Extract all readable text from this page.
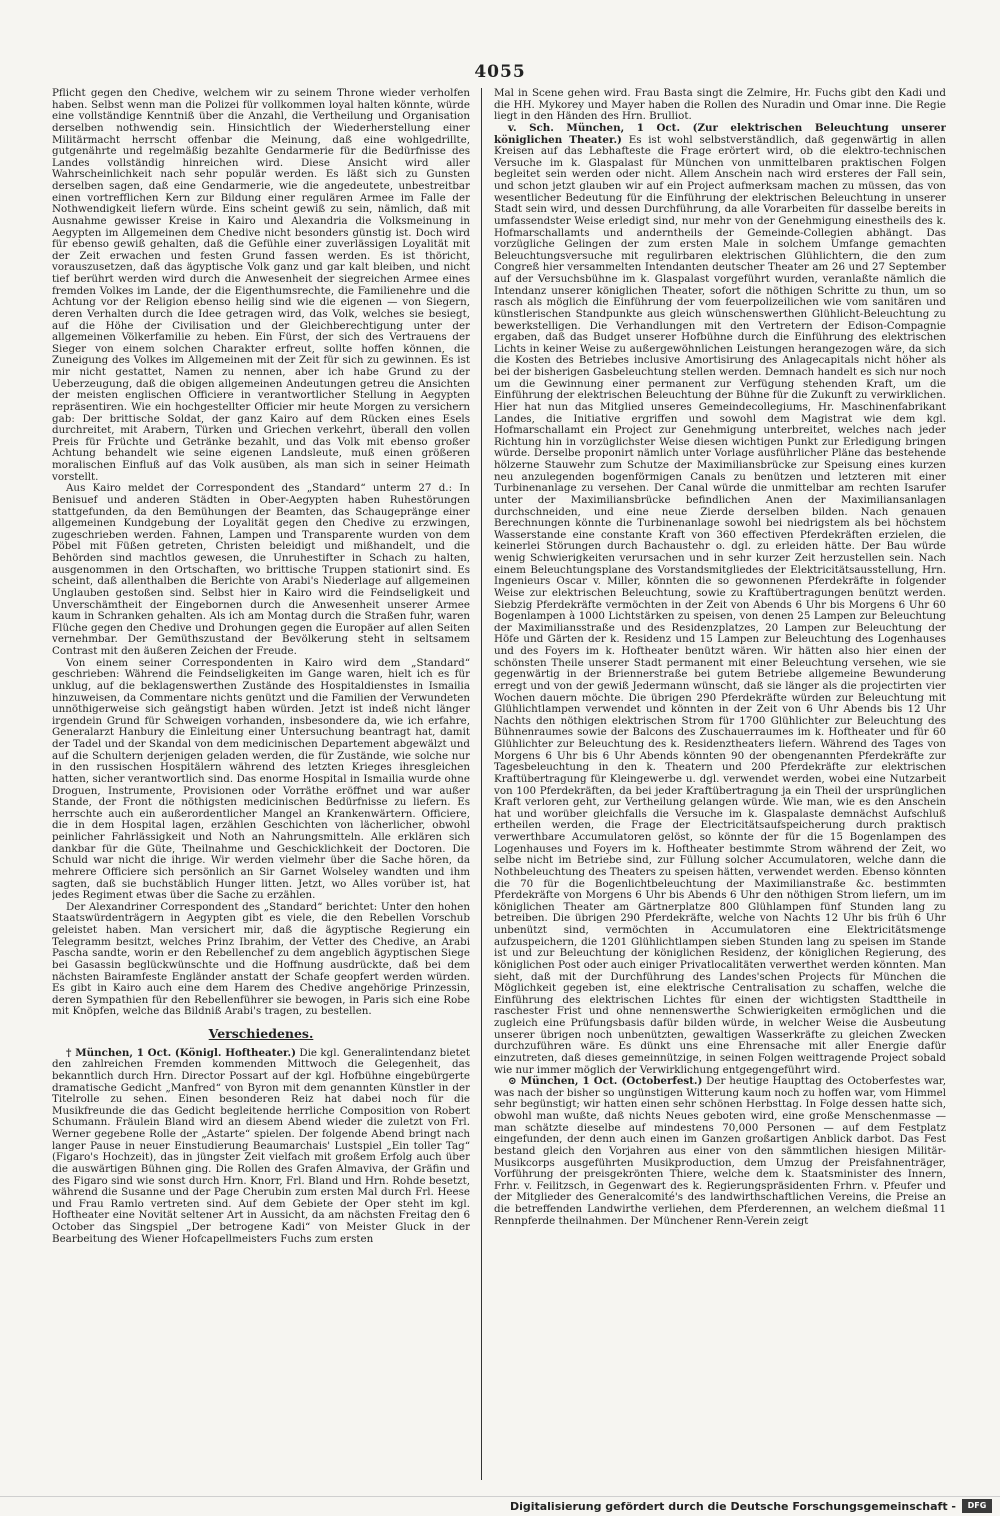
4055

Pflicht gegen den Chedive, welchem wir zu seinem Throne wieder verholfen haben. Selbst wenn man die Polizei für vollkommen loyal halten könnte, würde eine vollständige Kenntniß über die Anzahl, die Vertheilung und Organisation derselben nothwendig sein. Hinsichtlich der Wiederherstellung einer Militärmacht herrscht offenbar die Meinung, daß eine wohlgedrillte, gutgenährte und regelmäßig bezahlte Gendarmerie für die Bedürfnisse des Landes vollständig hinreichen wird. Diese Ansicht wird aller Wahrscheinlichkeit nach sehr populär werden. Es läßt sich zu Gunsten derselben sagen, daß eine Gendarmerie, wie die angedeutete, unbestreitbar einen vortrefflichen Kern zur Bildung einer regulären Armee im Falle der Nothwendigkeit liefern würde. Eins scheint gewiß zu sein, nämlich, daß mit Ausnahme gewisser Kreise in Kairo und Alexandria die Volksmeinung in Aegypten im Allgemeinen dem Chedive nicht besonders günstig ist. Doch wird für ebenso gewiß gehalten, daß die Gefühle einer zuverlässigen Loyalität mit der Zeit erwachen und festen Grund fassen werden. Es ist thöricht, vorauszusetzen, daß das ägyptische Volk ganz und gar kalt bleiben, und nicht tief berührt werden wird durch die Anwesenheit der siegreichen Armee eines fremden Volkes im Lande, der die Eigenthumsrechte, die Familienehre und die Achtung vor der Religion ebenso heilig sind wie die eigenen — von Siegern, deren Verhalten durch die Idee getragen wird, das Volk, welches sie besiegt, auf die Höhe der Civilisation und der Gleichberechtigung unter der allgemeinen Völkerfamilie zu heben. Ein Fürst, der sich des Vertrauens der Sieger von einem solchen Charakter erfreut, sollte hoffen können, die Zuneigung des Volkes im Allgemeinen mit der Zeit für sich zu gewinnen. Es ist mir nicht gestattet, Namen zu nennen, aber ich habe Grund zu der Ueberzeugung, daß die obigen allgemeinen Andeutungen getreu die Ansichten der meisten englischen Officiere in verantwortlicher Stellung in Aegypten repräsentiren. Wie ein hochgestellter Officier mir heute Morgen zu versichern gab: Der brittische Soldat, der ganz Kairo auf dem Rücken eines Esels durchreitet, mit Arabern, Türken und Griechen verkehrt, überall den vollen Preis für Früchte und Getränke bezahlt, und das Volk mit ebenso großer Achtung behandelt wie seine eigenen Landsleute, muß einen größeren moralischen Einfluß auf das Volk ausüben, als man sich in seiner Heimath vorstellt.

Aus Kairo meldet der Correspondent des „Standard“ unterm 27 d.: In Benisuef und anderen Städten in Ober-Aegypten haben Ruhestörungen stattgefunden, da den Bemühungen der Beamten, das Schaugepränge einer allgemeinen Kundgebung der Loyalität gegen den Chedive zu erzwingen, zugeschrieben werden. Fahnen, Lampen und Transparente wurden von dem Pöbel mit Füßen getreten, Christen beleidigt und mißhandelt, und die Behörden sind machtlos gewesen, die Unruhestifter in Schach zu halten, ausgenommen in den Ortschaften, wo brittische Truppen stationirt sind. Es scheint, daß allenthalben die Berichte von Arabi's Niederlage auf allgemeinen Unglauben gestoßen sind. Selbst hier in Kairo wird die Feindseligkeit und Unverschämtheit der Eingebornen durch die Anwesenheit unserer Armee kaum in Schranken gehalten. Als ich am Montag durch die Straßen fuhr, waren Flüche gegen den Chedive und Drohungen gegen die Europäer auf allen Seiten vernehmbar. Der Gemüthszustand der Bevölkerung steht in seltsamem Contrast mit den äußeren Zeichen der Freude.

Von einem seiner Correspondenten in Kairo wird dem „Standard“ geschrieben: Während die Feindseligkeiten im Gange waren, hielt ich es für unklug, auf die beklagenswerthen Zustände des Hospitaldienstes in Ismailia hinzuweisen, da Commentare nichts genützt und die Familien der Verwundeten unnöthigerweise sich geängstigt haben würden. Jetzt ist indeß nicht länger irgendein Grund für Schweigen vorhanden, insbesondere da, wie ich erfahre, Generalarzt Hanbury die Einleitung einer Untersuchung beantragt hat, damit der Tadel und der Skandal von dem medicinischen Departement abgewälzt und auf die Schultern derjenigen geladen werden, die für Zustände, wie solche nur in den russischen Hospitälern während des letzten Krieges ihresgleichen hatten, sicher verantwortlich sind. Das enorme Hospital in Ismailia wurde ohne Droguen, Instrumente, Provisionen oder Vorräthe eröffnet und war außer Stande, der Front die nöthigsten medicinischen Bedürfnisse zu liefern. Es herrschte auch ein außerordentlicher Mangel an Krankenwärtern. Officiere, die in dem Hospital lagen, erzählen Geschichten von lächerlicher, obwohl peinlicher Fahrlässigkeit und Noth an Nahrungsmitteln. Alle erklären sich dankbar für die Güte, Theilnahme und Geschicklichkeit der Doctoren. Die Schuld war nicht die ihrige. Wir werden vielmehr über die Sache hören, da mehrere Officiere sich persönlich an Sir Garnet Wolseley wandten und ihm sagten, daß sie buchstäblich Hunger litten. Jetzt, wo Alles vorüber ist, hat jedes Regiment etwas über die Sache zu erzählen.

Der Alexandriner Correspondent des „Standard“ berichtet: Unter den hohen Staatswürdenträgern in Aegypten gibt es viele, die den Rebellen Vorschub geleistet haben. Man versichert mir, daß die ägyptische Regierung ein Telegramm besitzt, welches Prinz Ibrahim, der Vetter des Chedive, an Arabi Pascha sandte, worin er den Rebellenchef zu dem angeblich ägyptischen Siege bei Gasassin beglückwünschte und die Hoffnung ausdrückte, daß bei dem nächsten Bairamfeste Engländer anstatt der Schafe geopfert werden würden. Es gibt in Kairo auch eine dem Harem des Chedive angehörige Prinzessin, deren Sympathien für den Rebellenführer sie bewogen, in Paris sich eine Robe mit Knöpfen, welche das Bildniß Arabi's tragen, zu bestellen.

Verschiedenes.

† München, 1 Oct. (Königl. Hoftheater.) Die kgl. Generalintendanz bietet den zahlreichen Fremden kommenden Mittwoch die Gelegenheit, das bekanntlich durch Hrn. Director Possart auf der kgl. Hofbühne eingebürgerte dramatische Gedicht „Manfred“ von Byron mit dem genannten Künstler in der Titelrolle zu sehen. Einen besonderen Reiz hat dabei noch für die Musikfreunde die das Gedicht begleitende herrliche Composition von Robert Schumann. Fräulein Bland wird an diesem Abend wieder die zuletzt von Frl. Werner gegebene Rolle der „Astarte“ spielen. Der folgende Abend bringt nach langer Pause in neuer Einstudierung Beaumarchais' Lustspiel „Ein toller Tag“ (Figaro's Hochzeit), das in jüngster Zeit vielfach mit großem Erfolg auch über die auswärtigen Bühnen ging. Die Rollen des Grafen Almaviva, der Gräfin und des Figaro sind wie sonst durch Hrn. Knorr, Frl. Bland und Hrn. Rohde besetzt, während die Susanne und der Page Cherubin zum ersten Mal durch Frl. Heese und Frau Ramlo vertreten sind. Auf dem Gebiete der Oper steht im kgl. Hoftheater eine Novität seltener Art in Aussicht, da am nächsten Freitag den 6 October das Singspiel „Der betrogene Kadi“ von Meister Gluck in der Bearbeitung des Wiener Hofcapellmeisters Fuchs zum ersten

Mal in Scene gehen wird. Frau Basta singt die Zelmire, Hr. Fuchs gibt den Kadi und die HH. Mykorey und Mayer haben die Rollen des Nuradin und Omar inne. Die Regie liegt in den Händen des Hrn. Brulliot.

v. Sch. München, 1 Oct. (Zur elektrischen Beleuchtung unserer königlichen Theater.) Es ist wohl selbstverständlich, daß gegenwärtig in allen Kreisen auf das Lebhafteste die Frage erörtert wird, ob die elektro-technischen Versuche im k. Glaspalast für München von unmittelbaren praktischen Folgen begleitet sein werden oder nicht. Allem Anschein nach wird ersteres der Fall sein, und schon jetzt glauben wir auf ein Project aufmerksam machen zu müssen, das von wesentlicher Bedeutung für die Einführung der elektrischen Beleuchtung in unserer Stadt sein wird, und dessen Durchführung, da alle Vorarbeiten für dasselbe bereits in umfassendster Weise erledigt sind, nur mehr von der Genehmigung einestheils des k. Hofmarschallamts und anderntheils der Gemeinde-Collegien abhängt. Das vorzügliche Gelingen der zum ersten Male in solchem Umfange gemachten Beleuchtungsversuche mit regulirbaren elektrischen Glühlichtern, die den zum Congreß hier versammelten Intendanten deutscher Theater am 26 und 27 September auf der Versuchsbühne im k. Glaspalast vorgeführt wurden, veranlaßte nämlich die Intendanz unserer königlichen Theater, sofort die nöthigen Schritte zu thun, um so rasch als möglich die Einführung der vom feuerpolizeilichen wie vom sanitären und künstlerischen Standpunkte aus gleich wünschenswerthen Glühlicht-Beleuchtung zu bewerkstelligen. Die Verhandlungen mit den Vertretern der Edison-Compagnie ergaben, daß das Budget unserer Hofbühne durch die Einführung des elektrischen Lichts in keiner Weise zu außergewöhnlichen Leistungen herangezogen wäre, da sich die Kosten des Betriebes inclusive Amortisirung des Anlagecapitals nicht höher als bei der bisherigen Gasbeleuchtung stellen werden. Demnach handelt es sich nur noch um die Gewinnung einer permanent zur Verfügung stehenden Kraft, um die Einführung der elektrischen Beleuchtung der Bühne für die Zukunft zu verwirklichen. Hier hat nun das Mitglied unseres Gemeindecollegiums, Hr. Maschinenfabrikant Landes, die Initiative ergriffen und sowohl dem Magistrat wie dem kgl. Hofmarschallamt ein Project zur Genehmigung unterbreitet, welches nach jeder Richtung hin in vorzüglichster Weise diesen wichtigen Punkt zur Erledigung bringen würde. Derselbe proponirt nämlich unter Vorlage ausführlicher Pläne das bestehende hölzerne Stauwehr zum Schutze der Maximiliansbrücke zur Speisung eines kurzen neu anzulegenden bogenförmigen Canals zu benützen und letzteren mit einer Turbinenanlage zu versehen. Der Canal würde die unmittelbar am rechten Isarufer unter der Maximiliansbrücke befindlichen Anen der Maximiliansanlagen durchschneiden, und eine neue Zierde derselben bilden. Nach genauen Berechnungen könnte die Turbinenanlage sowohl bei niedrigstem als bei höchstem Wasserstande eine constante Kraft von 360 effectiven Pferdekräften erzielen, die keinerlei Störungen durch Bachaustehr o. dgl. zu erleiden hätte. Der Bau würde wenig Schwierigkeiten verursachen und in sehr kurzer Zeit herzustellen sein. Nach einem Beleuchtungsplane des Vorstandsmitgliedes der Elektricitätsausstellung, Hrn. Ingenieurs Oscar v. Miller, könnten die so gewonnenen Pferdekräfte in folgender Weise zur elektrischen Beleuchtung, sowie zu Kraftübertragungen benützt werden. Siebzig Pferdekräfte vermöchten in der Zeit von Abends 6 Uhr bis Morgens 6 Uhr 60 Bogenlampen à 1000 Lichtstärken zu speisen, von denen 25 Lampen zur Beleuchtung der Maximiliansstraße und des Residenzplatzes, 20 Lampen zur Beleuchtung der Höfe und Gärten der k. Residenz und 15 Lampen zur Beleuchtung des Logenhauses und des Foyers im k. Hoftheater benützt wären. Wir hätten also hier einen der schönsten Theile unserer Stadt permanent mit einer Beleuchtung versehen, wie sie gegenwärtig in der Briennerstraße bei gutem Betriebe allgemeine Bewunderung erregt und von der gewiß Jedermann wünscht, daß sie länger als die projectirten vier Wochen dauern möchte. Die übrigen 290 Pferdekräfte würden zur Beleuchtung mit Glühlichtlampen verwendet und könnten in der Zeit von 6 Uhr Abends bis 12 Uhr Nachts den nöthigen elektrischen Strom für 1700 Glühlichter zur Beleuchtung des Bühnenraumes sowie der Balcons des Zuschauerraumes im k. Hoftheater und für 60 Glühlichter zur Beleuchtung des k. Residenztheaters liefern. Während des Tages von Morgens 6 Uhr bis 6 Uhr Abends könnten 90 der obengenannten Pferdekräfte zur Tagesbeleuchtung in den k. Theatern und 200 Pferdekräfte zur elektrischen Kraftübertragung für Kleingewerbe u. dgl. verwendet werden, wobei eine Nutzarbeit von 100 Pferdekräften, da bei jeder Kraftübertragung ja ein Theil der ursprünglichen Kraft verloren geht, zur Vertheilung gelangen würde. Wie man, wie es den Anschein hat und worüber gleichfalls die Versuche im k. Glaspalaste demnächst Aufschluß ertheilen werden, die Frage der Electricitätsaufspeicherung durch praktisch verwerthbare Accumulatoren gelöst, so könnte der für die 15 Bogenlampen des Logenhauses und Foyers im k. Hoftheater bestimmte Strom während der Zeit, wo selbe nicht im Betriebe sind, zur Füllung solcher Accumulatoren, welche dann die Nothbeleuchtung des Theaters zu speisen hätten, verwendet werden. Ebenso könnten die 70 für die Bogenlichtbeleuchtung der Maximilianstraße &c. bestimmten Pferdekräfte von Morgens 6 Uhr bis Abends 6 Uhr den nöthigen Strom liefern, um im königlichen Theater am Gärtnerplatze 800 Glühlampen fünf Stunden lang zu betreiben. Die übrigen 290 Pferdekräfte, welche von Nachts 12 Uhr bis früh 6 Uhr unbenützt sind, vermöchten in Accumulatoren eine Elektricitätsmenge aufzuspeichern, die 1201 Glühlichtlampen sieben Stunden lang zu speisen im Stande ist und zur Beleuchtung der königlichen Residenz, der königlichen Regierung, des königlichen Post oder auch einiger Privatlocalitäten verwerthet werden könnten. Man sieht, daß mit der Durchführung des Landes'schen Projects für München die Möglichkeit gegeben ist, eine elektrische Centralisation zu schaffen, welche die Einführung des elektrischen Lichtes für einen der wichtigsten Stadttheile in raschester Frist und ohne nennenswerthe Schwierigkeiten ermöglichen und die zugleich eine Prüfungsbasis dafür bilden würde, in welcher Weise die Ausbeutung unserer übrigen noch unbenützten, gewaltigen Wasserkräfte zu gleichen Zwecken durchzuführen wäre. Es dünkt uns eine Ehrensache mit aller Energie dafür einzutreten, daß dieses gemeinnützige, in seinen Folgen weittragende Project sobald wie nur immer möglich der Verwirklichung entgegengeführt wird.

⊙ München, 1 Oct. (Octoberfest.) Der heutige Haupttag des Octoberfestes war, was nach der bisher so ungünstigen Witterung kaum noch zu hoffen war, vom Himmel sehr begünstigt; wir hatten einen sehr schönen Herbsttag. In Folge dessen hatte sich, obwohl man wußte, daß nichts Neues geboten wird, eine große Menschenmasse — man schätzte dieselbe auf mindestens 70,000 Personen — auf dem Festplatz eingefunden, der denn auch einen im Ganzen großartigen Anblick darbot. Das Fest bestand gleich den Vorjahren aus einer von den sämmtlichen hiesigen Militär-Musikcorps ausgeführten Musikproduction, dem Umzug der Preisfahnenträger, Vorführung der preisgekrönten Thiere, welche dem k. Staatsminister des Innern, Frhr. v. Feilitzsch, in Gegenwart des k. Regierungspräsidenten Frhrn. v. Pfeufer und der Mitglieder des Generalcomité's des landwirthschaftlichen Vereins, die Preise an die betreffenden Landwirthe verliehen, dem Pferderennen, an welchem dießmal 11 Rennpferde theilnahmen. Der Münchener Renn-Verein zeigt

Digitalisierung gefördert durch die Deutsche Forschungsgemeinschaft -	DFG
